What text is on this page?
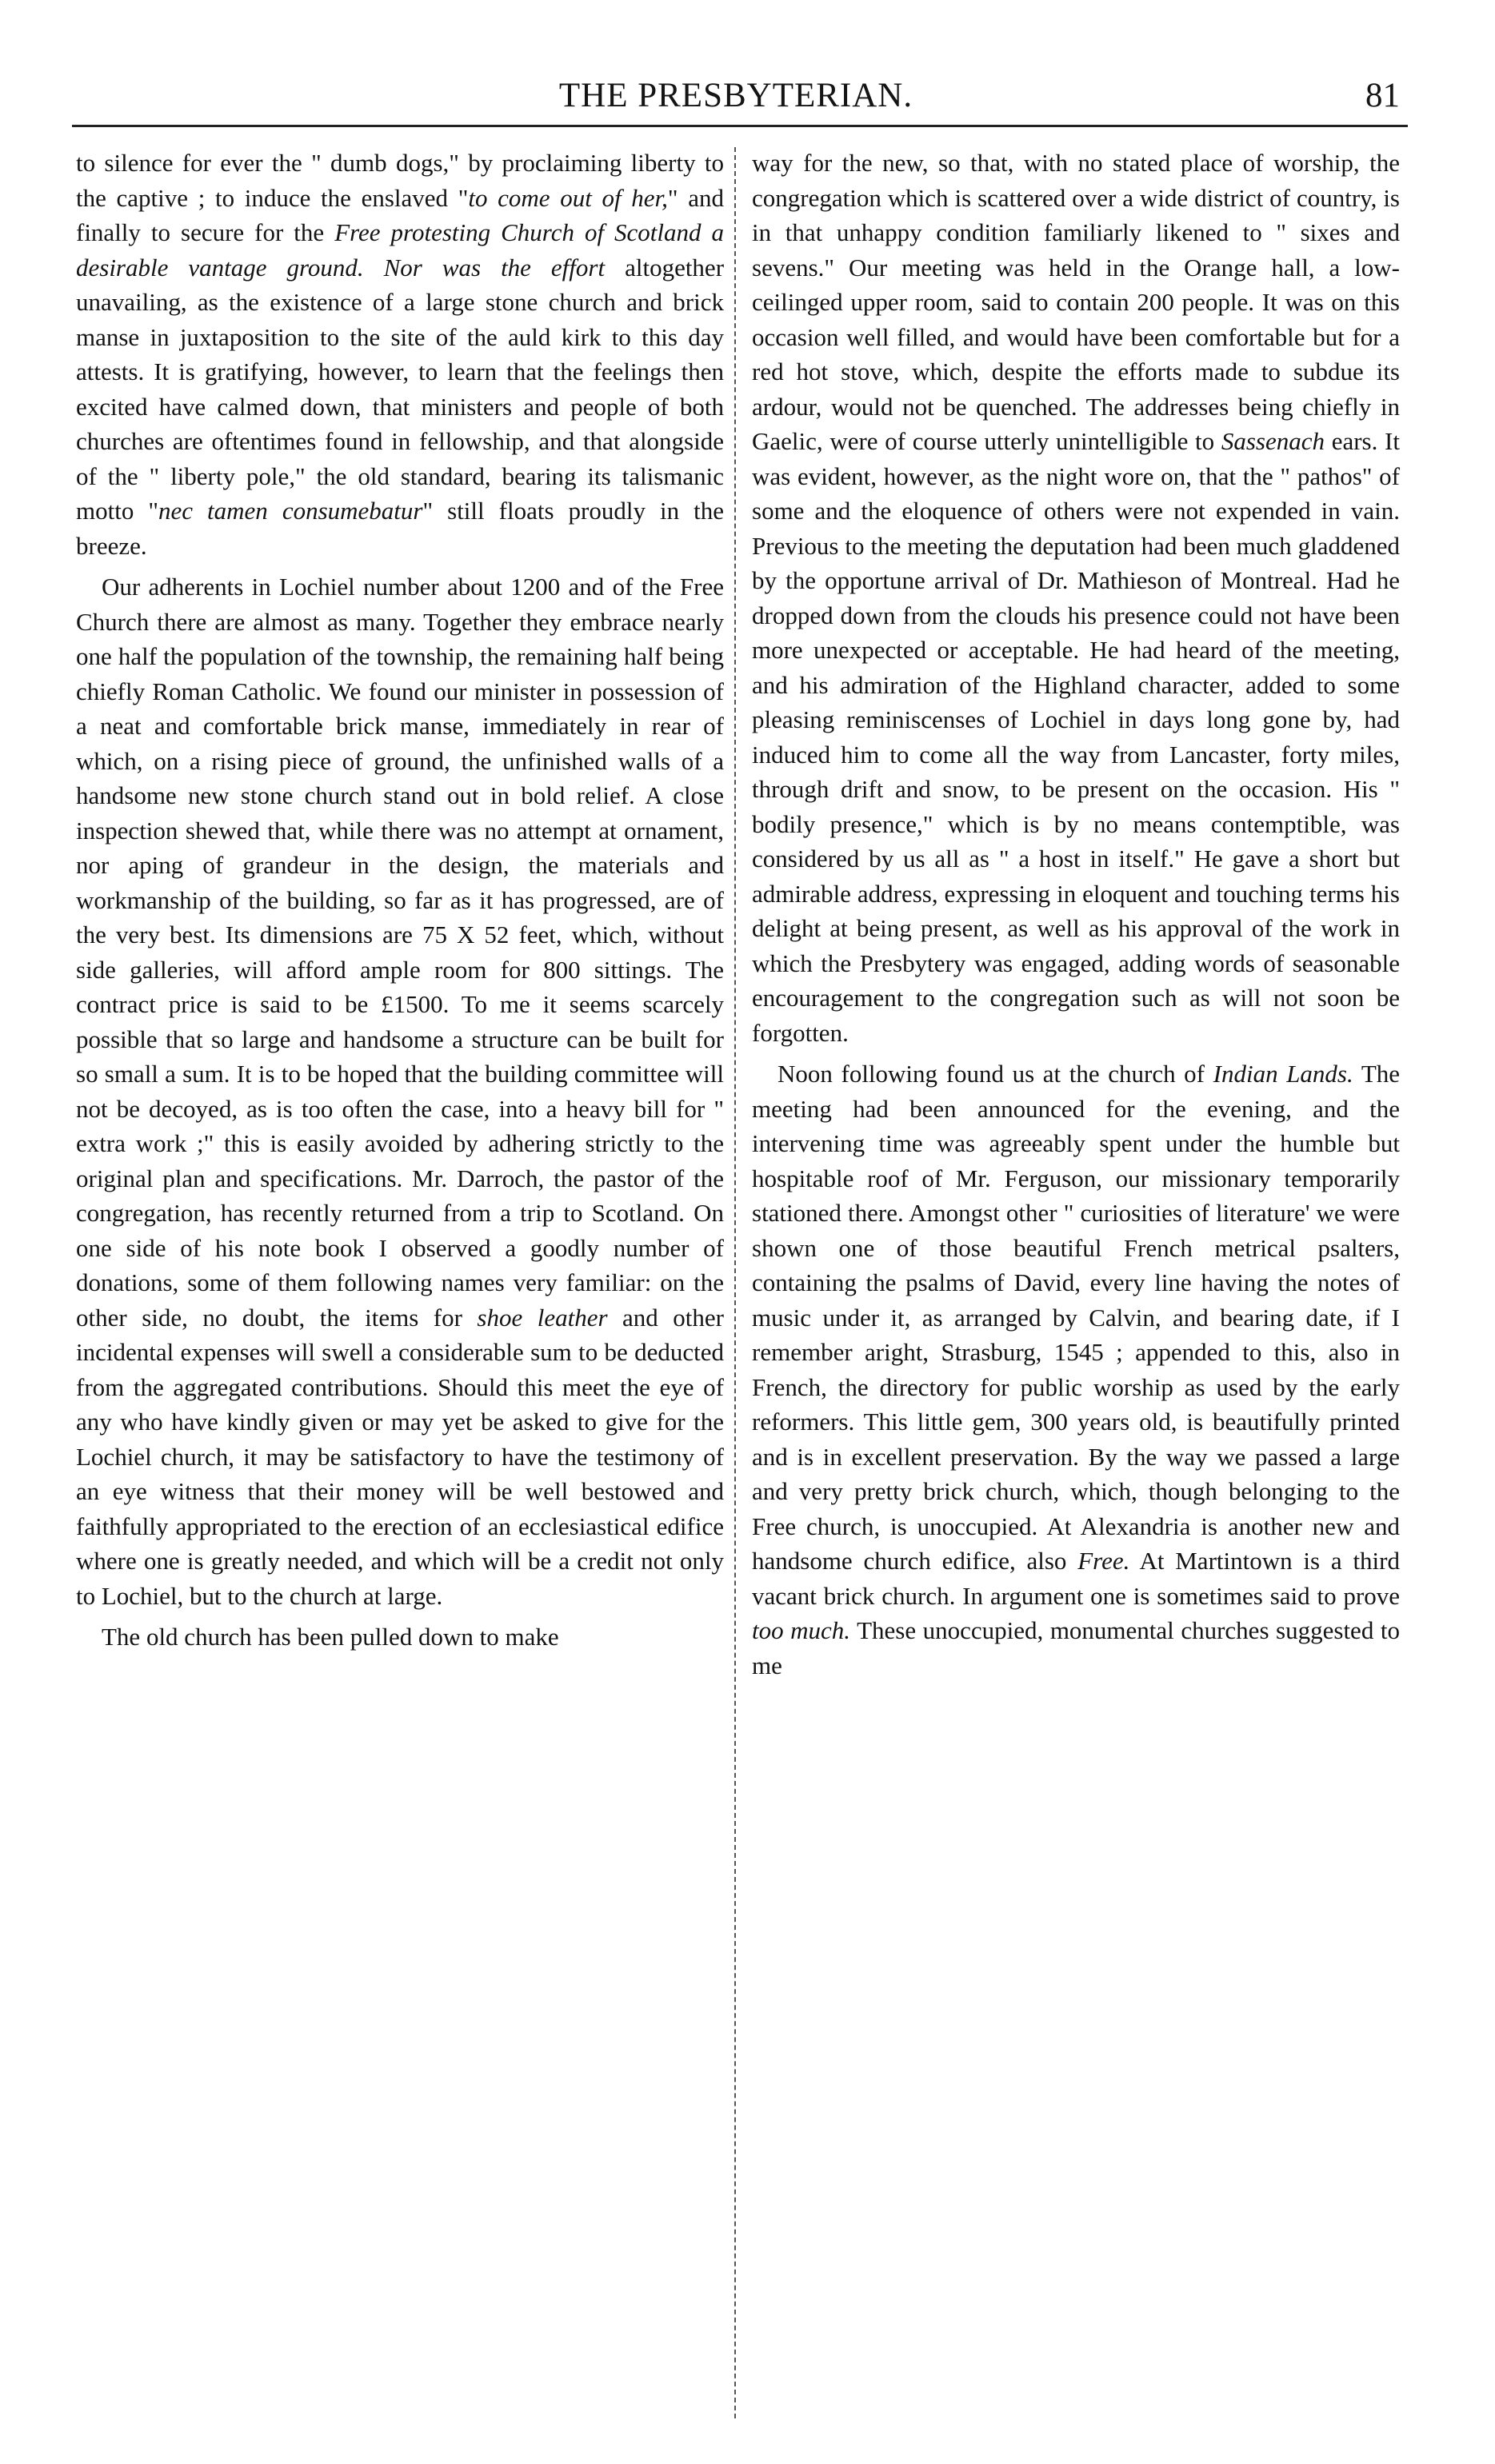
THE PRESBYTERIAN.	81

to silence for ever the " dumb dogs," by proclaiming liberty to the captive ; to induce the enslaved "to come out of her," and finally to secure for the Free protesting Church of Scotland a desirable vantage ground. Nor was the effort altogether unavailing, as the existence of a large stone church and brick manse in juxtaposition to the site of the auld kirk to this day attests. It is gratifying, however, to learn that the feelings then excited have calmed down, that ministers and people of both churches are oftentimes found in fellowship, and that alongside of the " liberty pole," the old standard, bearing its talismanic motto "nec tamen consumebatur" still floats proudly in the breeze.

Our adherents in Lochiel number about 1200 and of the Free Church there are almost as many. Together they embrace nearly one half the population of the township, the remaining half being chiefly Roman Catholic. We found our minister in possession of a neat and comfortable brick manse, immediately in rear of which, on a rising piece of ground, the unfinished walls of a handsome new stone church stand out in bold relief. A close inspection shewed that, while there was no attempt at ornament, nor aping of grandeur in the design, the materials and workmanship of the building, so far as it has progressed, are of the very best. Its dimensions are 75 X 52 feet, which, without side galleries, will afford ample room for 800 sittings. The contract price is said to be £1500. To me it seems scarcely possible that so large and handsome a structure can be built for so small a sum. It is to be hoped that the building committee will not be decoyed, as is too often the case, into a heavy bill for " extra work ;" this is easily avoided by adhering strictly to the original plan and specifications. Mr. Darroch, the pastor of the congregation, has recently returned from a trip to Scotland. On one side of his note book I observed a goodly number of donations, some of them following names very familiar: on the other side, no doubt, the items for shoe leather and other incidental expenses will swell a considerable sum to be deducted from the aggregated contributions. Should this meet the eye of any who have kindly given or may yet be asked to give for the Lochiel church, it may be satisfactory to have the testimony of an eye witness that their money will be well bestowed and faithfully appropriated to the erection of an ecclesiastical edifice where one is greatly needed, and which will be a credit not only to Lochiel, but to the church at large.

The old church has been pulled down to make

way for the new, so that, with no stated place of worship, the congregation which is scattered over a wide district of country, is in that unhappy condition familiarly likened to " sixes and sevens." Our meeting was held in the Orange hall, a low-ceilinged upper room, said to contain 200 people. It was on this occasion well filled, and would have been comfortable but for a red hot stove, which, despite the efforts made to subdue its ardour, would not be quenched. The addresses being chiefly in Gaelic, were of course utterly unintelligible to Sassenach ears. It was evident, however, as the night wore on, that the " pathos" of some and the eloquence of others were not expended in vain. Previous to the meeting the deputation had been much gladdened by the opportune arrival of Dr. Mathieson of Montreal. Had he dropped down from the clouds his presence could not have been more unexpected or acceptable. He had heard of the meeting, and his admiration of the Highland character, added to some pleasing reminiscenses of Lochiel in days long gone by, had induced him to come all the way from Lancaster, forty miles, through drift and snow, to be present on the occasion. His " bodily presence," which is by no means contemptible, was considered by us all as " a host in itself." He gave a short but admirable address, expressing in eloquent and touching terms his delight at being present, as well as his approval of the work in which the Presbytery was engaged, adding words of seasonable encouragement to the congregation such as will not soon be forgotten.

Noon following found us at the church of Indian Lands. The meeting had been announced for the evening, and the intervening time was agreeably spent under the humble but hospitable roof of Mr. Ferguson, our missionary temporarily stationed there. Amongst other " curiosities of literature' we were shown one of those beautiful French metrical psalters, containing the psalms of David, every line having the notes of music under it, as arranged by Calvin, and bearing date, if I remember aright, Strasburg, 1545 ; appended to this, also in French, the directory for public worship as used by the early reformers. This little gem, 300 years old, is beautifully printed and is in excellent preservation. By the way we passed a large and very pretty brick church, which, though belonging to the Free church, is unoccupied. At Alexandria is another new and handsome church edifice, also Free. At Martintown is a third vacant brick church. In argument one is sometimes said to prove too much. These unoccupied, monumental churches suggested to me
